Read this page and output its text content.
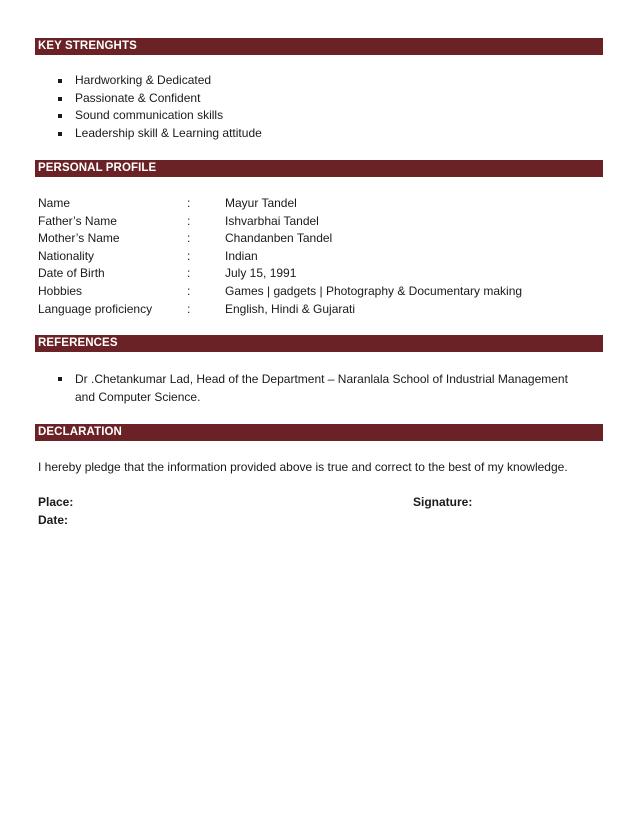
KEY STRENGHTS
Hardworking & Dedicated
Passionate & Confident
Sound communication skills
Leadership skill & Learning attitude
PERSONAL PROFILE
Name	:	Mayur Tandel
Father’s Name	:	Ishvarbhai Tandel
Mother’s Name	:	Chandanben Tandel
Nationality	:	Indian
Date of Birth	:	July 15, 1991
Hobbies	:	Games | gadgets | Photography & Documentary making
Language proficiency	:	English, Hindi & Gujarati
REFERENCES
Dr .Chetankumar Lad, Head of the Department – Naranlala School of Industrial Management and Computer Science.
DECLARATION
I hereby pledge that the information provided above is true and correct to the best of my knowledge.
Place:
Date:
Signature:
